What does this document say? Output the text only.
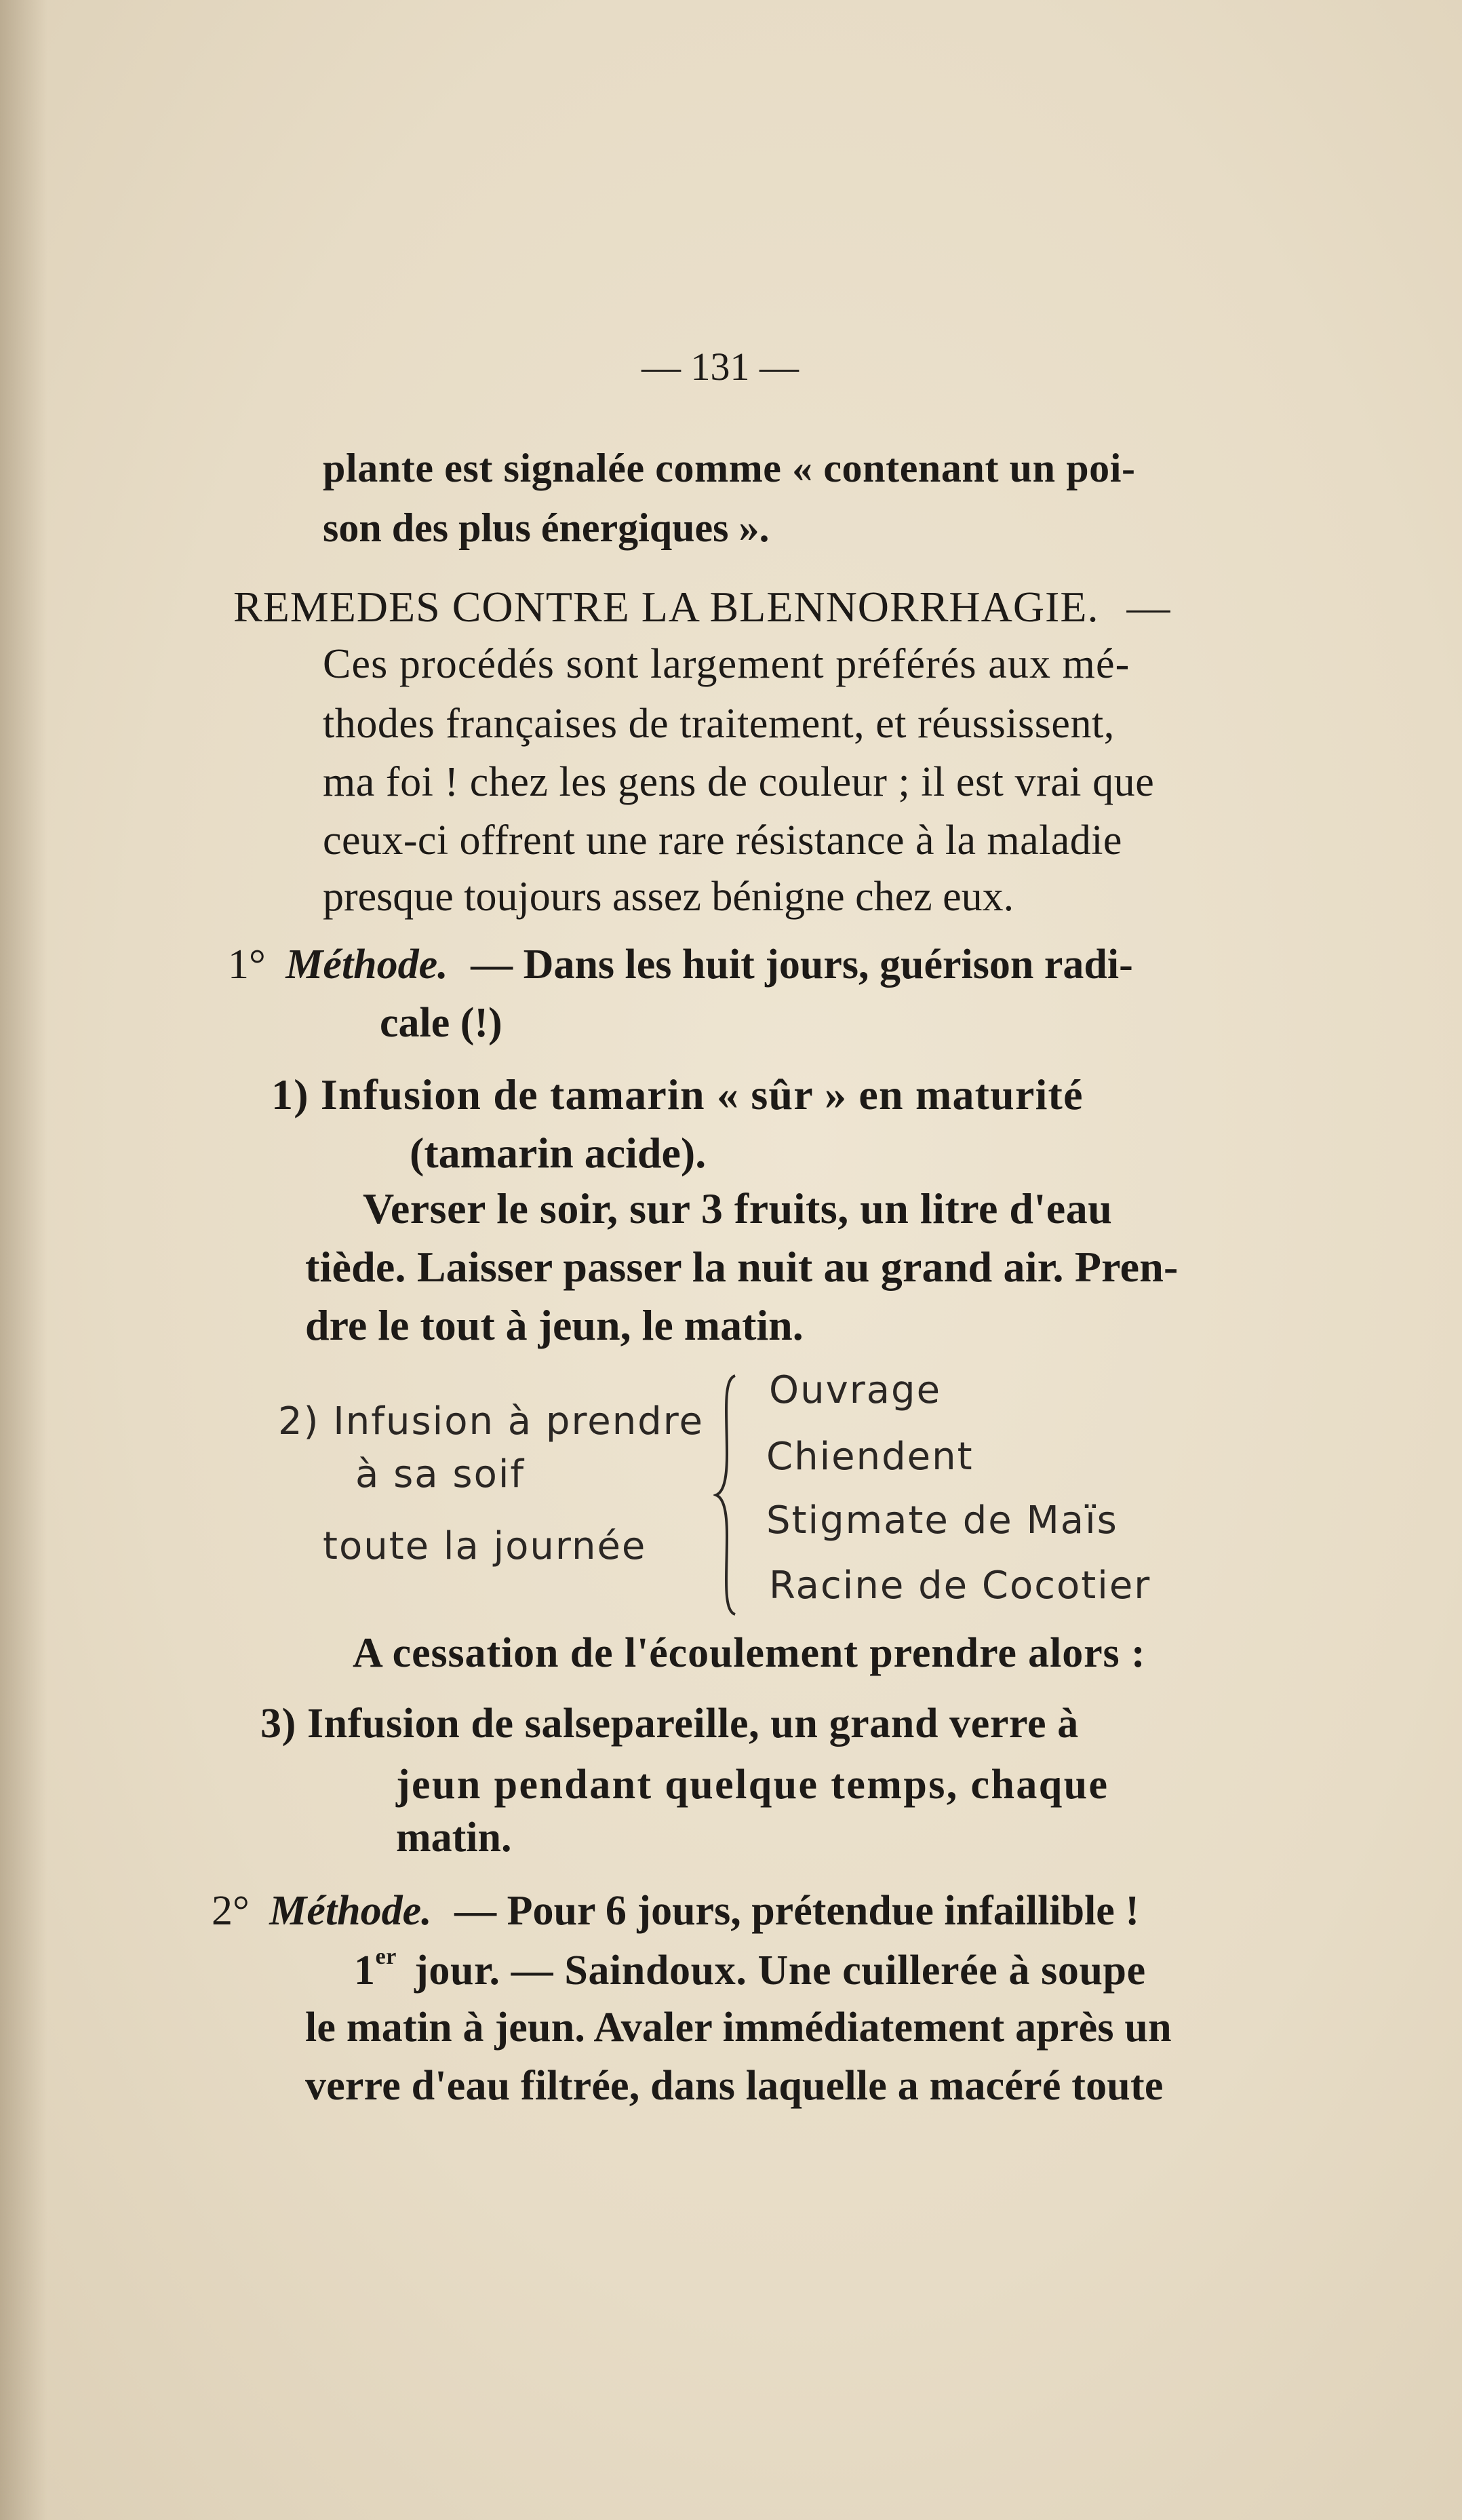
— 131 —
plante est signalée comme « contenant un poi-
son des plus énergiques ».
REMEDES CONTRE LA BLENNORRHAGIE. —
Ces procédés sont largement préférés aux mé-
thodes françaises de traitement, et réussissent,
ma foi ! chez les gens de couleur ; il est vrai que
ceux-ci offrent une rare résistance à la maladie
presque toujours assez bénigne chez eux.
1° Méthode. — Dans les huit jours, guérison radi-
cale (!)
1) Infusion de tamarin « sûr » en maturité
(tamarin acide).
Verser le soir, sur 3 fruits, un litre d'eau
tiède. Laisser passer la nuit au grand air. Pren-
dre le tout à jeun, le matin.
2) Infusion à prendre
à sa soif
toute la journée
Ouvrage
Chiendent
Stigmate de Maïs
Racine de Cocotier
A cessation de l'écoulement prendre alors :
3) Infusion de salsepareille, un grand verre à
jeun pendant quelque temps, chaque
matin.
2° Méthode. — Pour 6 jours, prétendue infaillible !
1er jour. — Saindoux. Une cuillerée à soupe
le matin à jeun. Avaler immédiatement après un
verre d'eau filtrée, dans laquelle a macéré toute
